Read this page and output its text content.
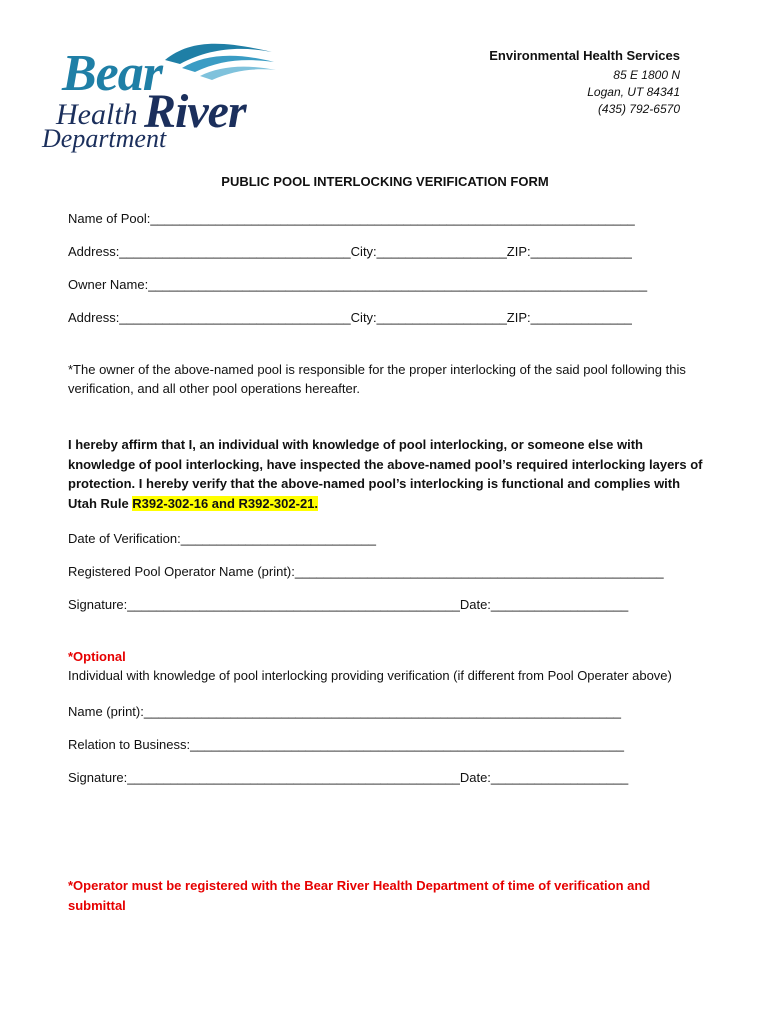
Bear
Health River
Department
Environmental Health Services
85 E 1800 N
Logan, UT 84341
(435) 792-6570
PUBLIC POOL INTERLOCKING VERIFICATION FORM
Name of Pool:___________________________________________________________________
Address:________________________________City:__________________ZIP:______________
Owner Name:_____________________________________________________________________
Address:________________________________City:__________________ZIP:______________
*The owner of the above-named pool is responsible for the proper interlocking of the said pool following this verification, and all other pool operations hereafter.
I hereby affirm that I, an individual with knowledge of pool interlocking, or someone else with knowledge of pool interlocking, have inspected the above-named pool’s required interlocking layers of protection. I hereby verify that the above-named pool’s interlocking is functional and complies with Utah Rule R392-302-16 and R392-302-21.
Date of Verification:___________________________
Registered Pool Operator Name (print):___________________________________________________
Signature:______________________________________________Date:___________________
*Optional
Individual with knowledge of pool interlocking providing verification (if different from Pool Operater above)
Name (print):__________________________________________________________________
Relation to Business:____________________________________________________________
Signature:______________________________________________Date:___________________
*Operator must be registered with the Bear River Health Department of time of verification and submittal
